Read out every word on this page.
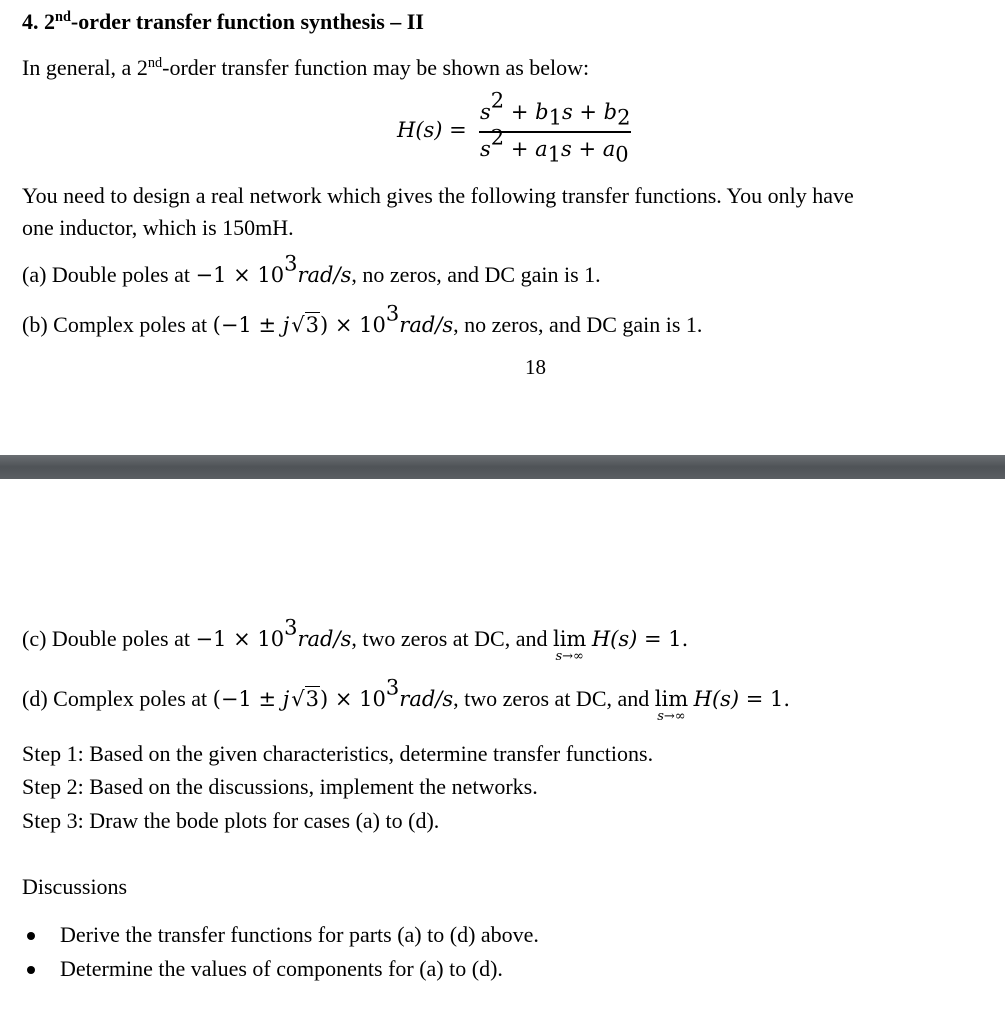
4. 2nd-order transfer function synthesis – II
In general, a 2nd-order transfer function may be shown as below:
H(s) =
$s^2 + b_1s + b_2$
$s^2 + a_1s + a_0$
You need to design a real network which gives the following transfer functions. You only have
one inductor, which is 150mH.
(a) Double poles at $-1 \times 10^3rad/s$, no zeros, and DC gain is 1.
(b) Complex poles at $(-1 \pm j√3) \times 10^3rad/s$, no zeros, and DC gain is 1.
18
(c) Double poles at $-1 \times 10^3rad/s$, two zeros at DC, and lim
s→∞
H(s) = 1.
(d) Complex poles at $(-1 \pm j√3) \times 10^3rad/s$, two zeros at DC, and lim
s→∞
H(s) = 1.
Step 1: Based on the given characteristics, determine transfer functions.
Step 2: Based on the discussions, implement the networks.
Step 3: Draw the bode plots for cases (a) to (d).
Discussions
Derive the transfer functions for parts (a) to (d) above.
Determine the values of components for (a) to (d).
